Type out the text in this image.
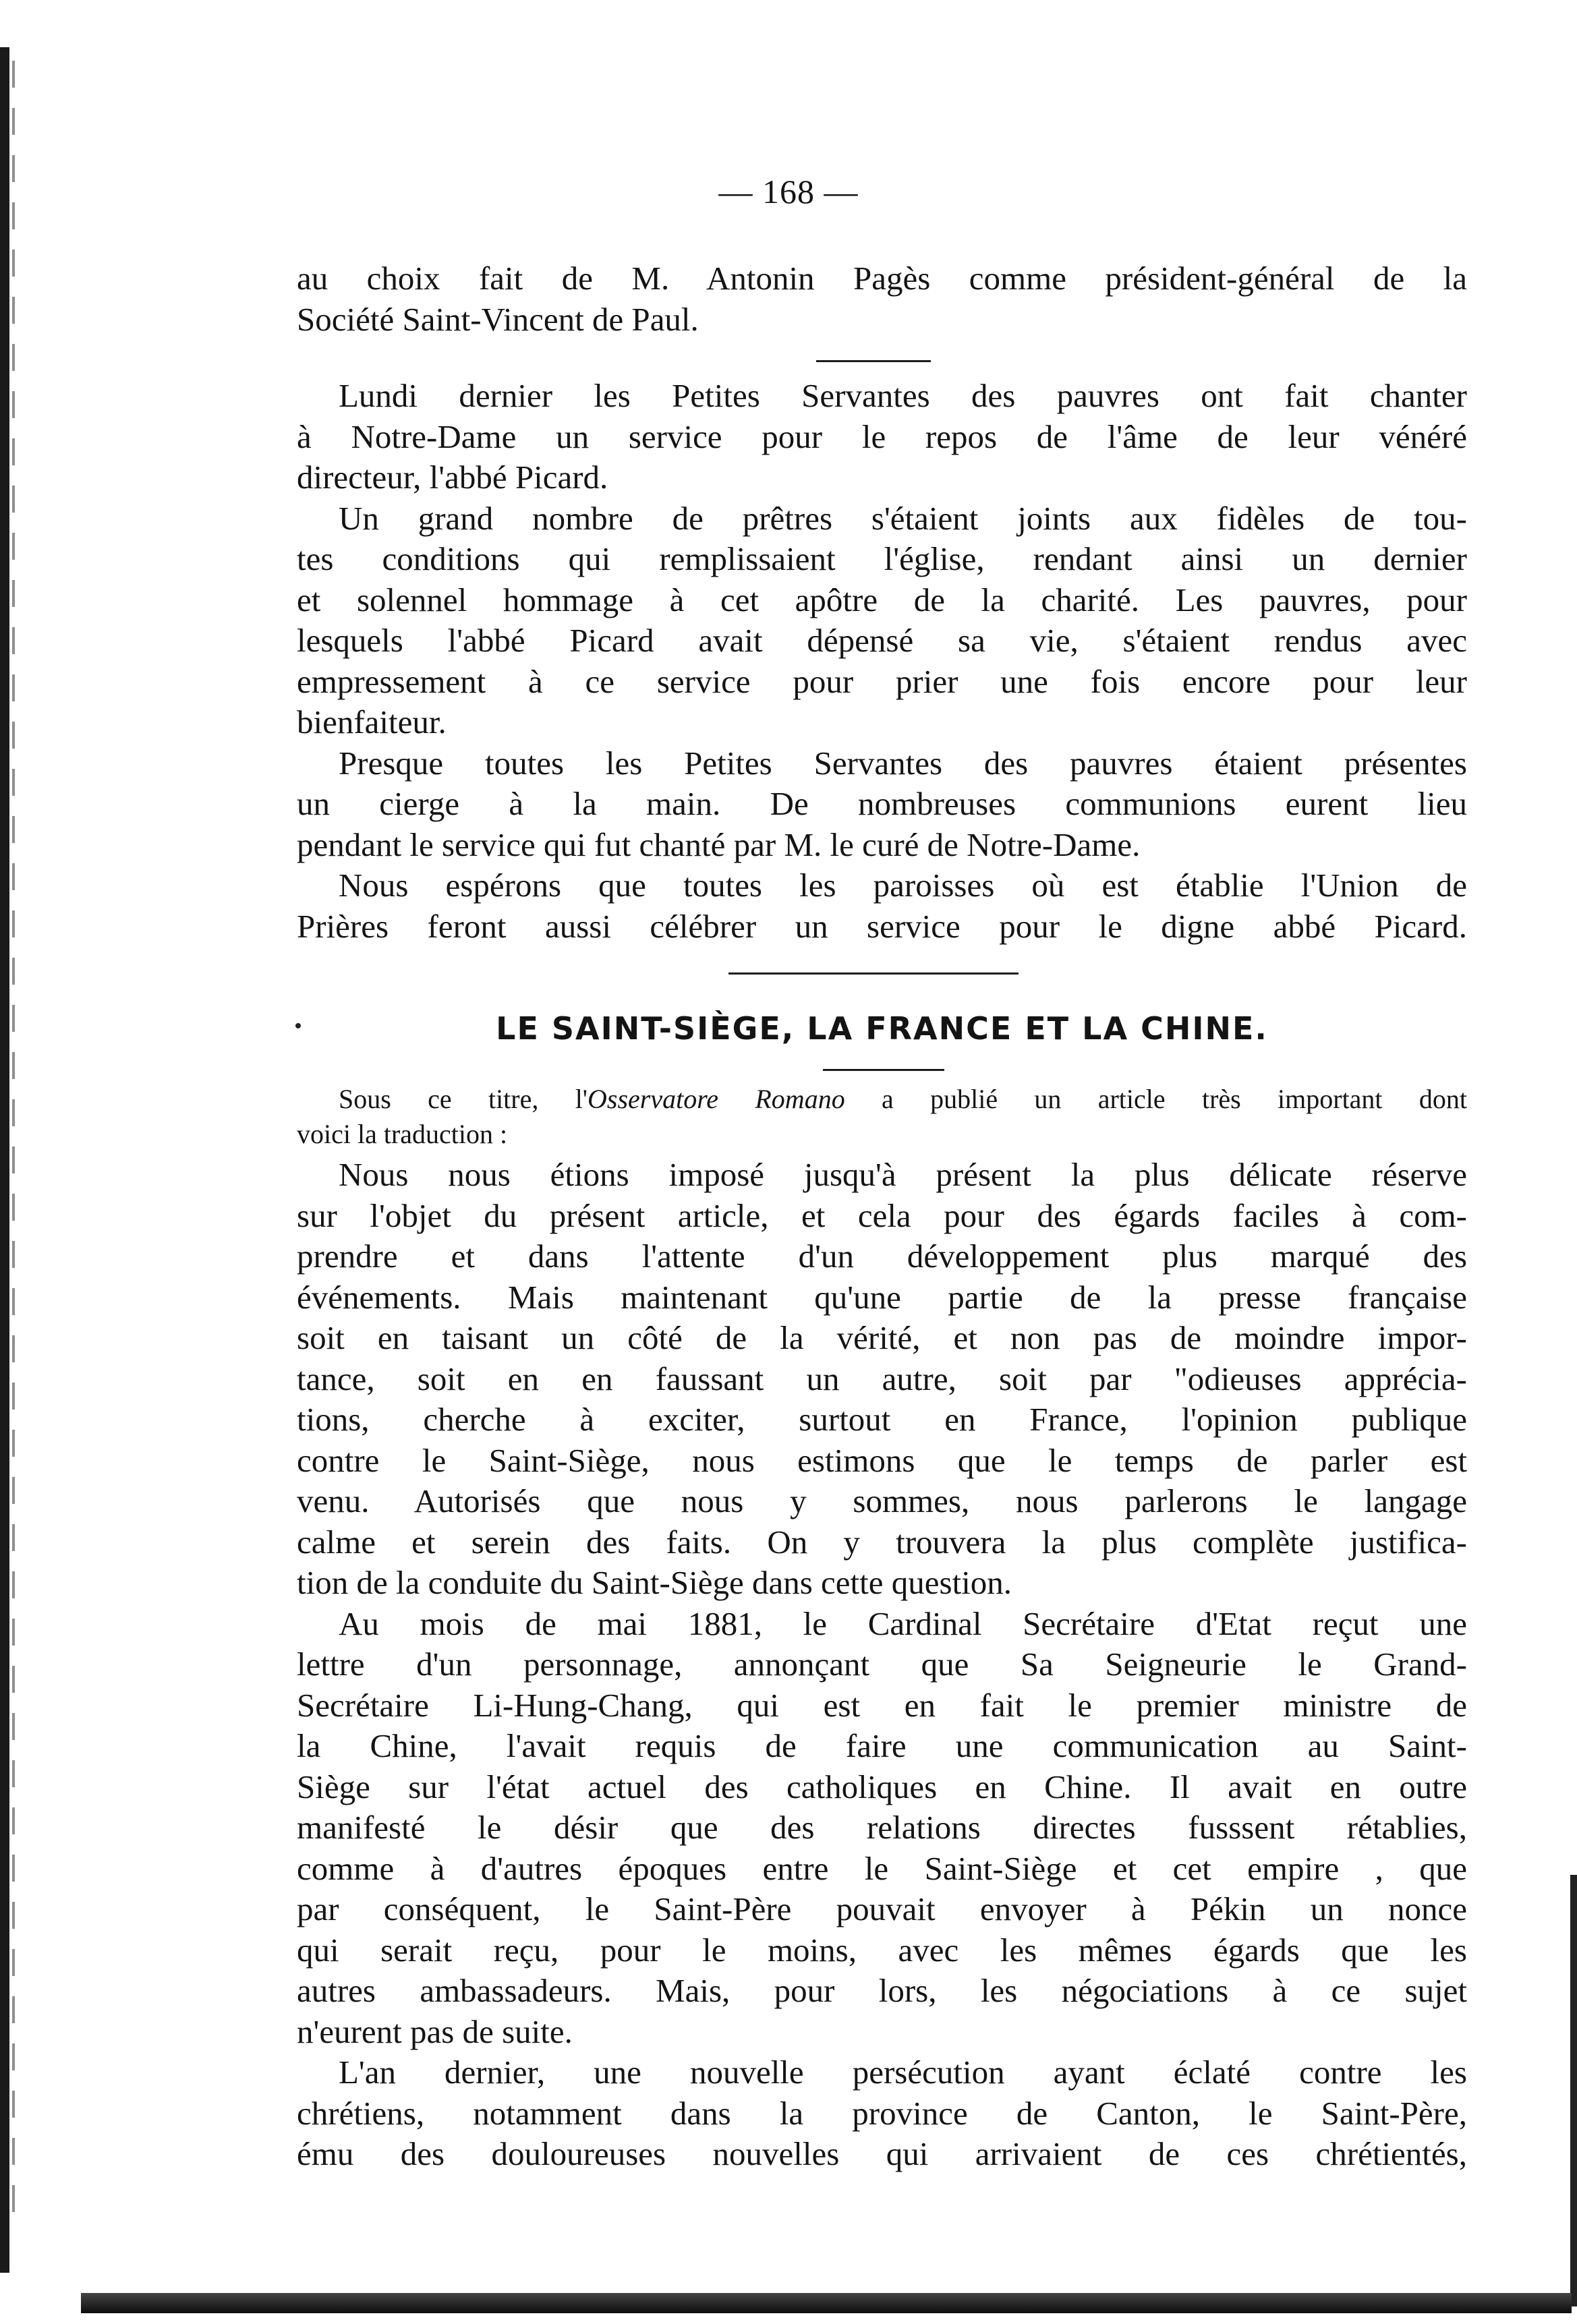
— 168 —
au choix fait de M. Antonin Pagès comme président-général de la
Société Saint-Vincent de Paul.
Lundi dernier les Petites Servantes des pauvres ont fait chanter
à Notre-Dame un service pour le repos de l'âme de leur vénéré
directeur, l'abbé Picard.
Un grand nombre de prêtres s'étaient joints aux fidèles de tou-
tes conditions qui remplissaient l'église, rendant ainsi un dernier
et solennel hommage à cet apôtre de la charité. Les pauvres, pour
lesquels l'abbé Picard avait dépensé sa vie, s'étaient rendus avec
empressement à ce service pour prier une fois encore pour leur
bienfaiteur.
Presque toutes les Petites Servantes des pauvres étaient présentes
un cierge à la main. De nombreuses communions eurent lieu
pendant le service qui fut chanté par M. le curé de Notre-Dame.
Nous espérons que toutes les paroisses où est établie l'Union de
Prières feront aussi célébrer un service pour le digne abbé Picard.
LE SAINT-SIÈGE, LA FRANCE ET LA CHINE.
Sous ce titre, l'Osservatore Romano a publié un article très important dont
voici la traduction :
Nous nous étions imposé jusqu'à présent la plus délicate réserve
sur l'objet du présent article, et cela pour des égards faciles à com-
prendre et dans l'attente d'un développement plus marqué des
événements. Mais maintenant qu'une partie de la presse française
soit en taisant un côté de la vérité, et non pas de moindre impor-
tance, soit en en faussant un autre, soit par "odieuses apprécia-
tions, cherche à exciter, surtout en France, l'opinion publique
contre le Saint-Siège, nous estimons que le temps de parler est
venu. Autorisés que nous y sommes, nous parlerons le langage
calme et serein des faits. On y trouvera la plus complète justifica-
tion de la conduite du Saint-Siège dans cette question.
Au mois de mai 1881, le Cardinal Secrétaire d'Etat reçut une
lettre d'un personnage, annonçant que Sa Seigneurie le Grand-
Secrétaire Li-Hung-Chang, qui est en fait le premier ministre de
la Chine, l'avait requis de faire une communication au Saint-
Siège sur l'état actuel des catholiques en Chine. Il avait en outre
manifesté le désir que des relations directes fusssent rétablies,
comme à d'autres époques entre le Saint-Siège et cet empire , que
par conséquent, le Saint-Père pouvait envoyer à Pékin un nonce
qui serait reçu, pour le moins, avec les mêmes égards que les
autres ambassadeurs. Mais, pour lors, les négociations à ce sujet
n'eurent pas de suite.
L'an dernier, une nouvelle persécution ayant éclaté contre les
chrétiens, notamment dans la province de Canton, le Saint-Père,
ému des douloureuses nouvelles qui arrivaient de ces chrétientés,
